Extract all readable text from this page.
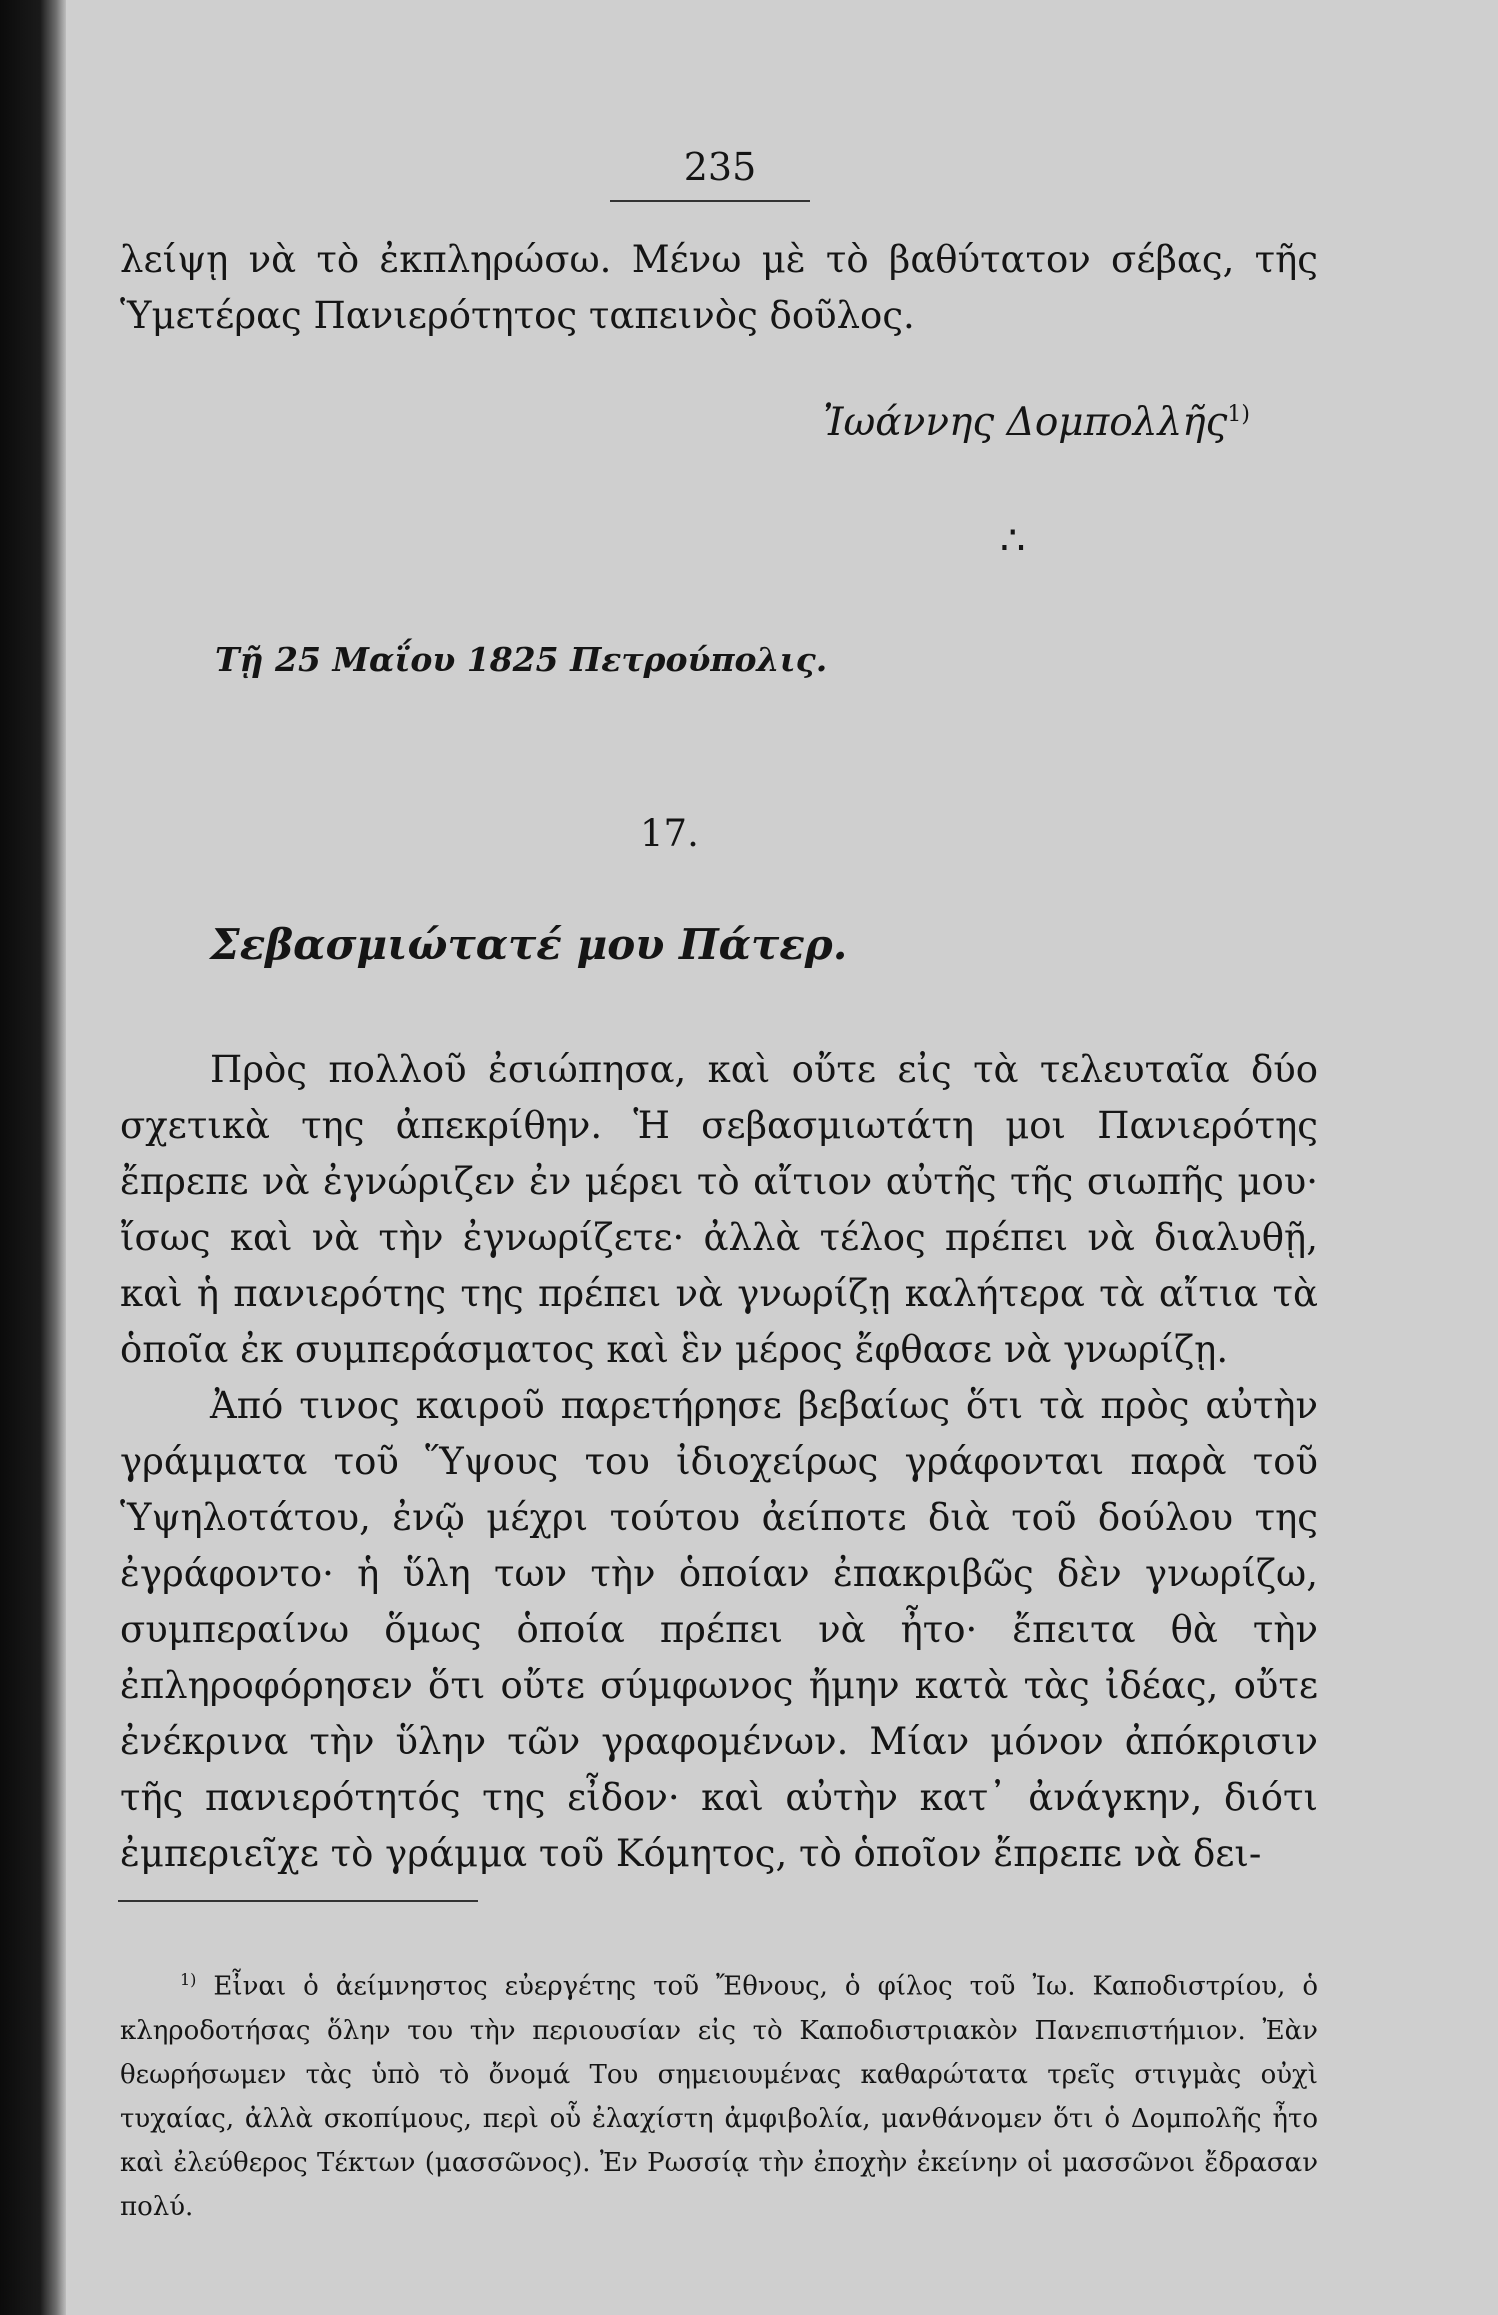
235

λείψῃ νὰ τὸ ἐκπληρώσω. Μένω μὲ τὸ βαθύτατον σέβας, τῆς Ὑμετέρας Πανιερότητος ταπεινὸς δοῦλος.

Ἰωάννης Δομπολλῆς$^{1)}$
∴
Τῇ 25 Μαΐου 1825 Πετρούπολις.
17.
Σεβασμιώτατέ μου Πάτερ.
Πρὸς πολλοῦ ἐσιώπησα, καὶ οὔτε εἰς τὰ τελευταῖα δύο σχετικὰ της ἀπεκρίθην. Ἡ σεβασμιωτάτη μοι Πανιερότης ἔπρεπε νὰ ἐγνώριζεν ἐν μέρει τὸ αἴτιον αὐτῆς τῆς σιωπῆς μου· ἴσως καὶ νὰ τὴν ἐγνωρίζετε· ἀλλὰ τέλος πρέπει νὰ διαλυθῇ, καὶ ἡ πανιερότης της πρέπει νὰ γνωρίζῃ καλήτερα τὰ αἴτια τὰ ὁποῖα ἐκ συμπεράσματος καὶ ἓν μέρος ἔφθασε νὰ γνωρίζῃ.
Ἀπό τινος καιροῦ παρετήρησε βεβαίως ὅτι τὰ πρὸς αὐτὴν γράμματα τοῦ Ὕψους του ἰδιοχείρως γράφονται παρὰ τοῦ Ὑψηλοτάτου, ἐνῷ μέχρι τούτου ἀείποτε διὰ τοῦ δούλου της ἐγράφοντο· ἡ ὕλη των τὴν ὁποίαν ἐπακριβῶς δὲν γνωρίζω, συμπεραίνω ὅμως ὁποία πρέπει νὰ ἦτο· ἔπειτα θὰ τὴν ἐπληροφόρησεν ὅτι οὔτε σύμφωνος ἤμην κατὰ τὰς ἰδέας, οὔτε ἐνέκρινα τὴν ὕλην τῶν γραφομένων. Μίαν μόνον ἀπόκρισιν τῆς πανιερότητός της εἶδον· καὶ αὐτὴν κατ᾿ ἀνάγκην, διότι ἐμπεριεῖχε τὸ γράμμα τοῦ Κόμητος, τὸ ὁποῖον ἔπρεπε νὰ δει-

$^{1)}$ Εἶναι ὁ ἀείμνηστος εὐεργέτης τοῦ Ἔθνους, ὁ φίλος τοῦ Ἰω. Καποδιστρίου, ὁ κληροδοτήσας ὅλην του τὴν περιουσίαν εἰς τὸ Καποδιστριακὸν Πανεπιστήμιον. Ἐὰν θεωρήσωμεν τὰς ὑπὸ τὸ ὄνομά Του σημειουμένας καθαρώτατα τρεῖς στιγμὰς οὐχὶ τυχαίας, ἀλλὰ σκοπίμους, περὶ οὗ ἐλαχίστη ἀμφιβολία, μανθάνομεν ὅτι ὁ Δομπολῆς ἦτο καὶ ἐλεύθερος Τέκτων (μασσῶνος). Ἐν Ρωσσίᾳ τὴν ἐποχὴν ἐκείνην οἱ μασσῶνοι ἔδρασαν πολύ.
